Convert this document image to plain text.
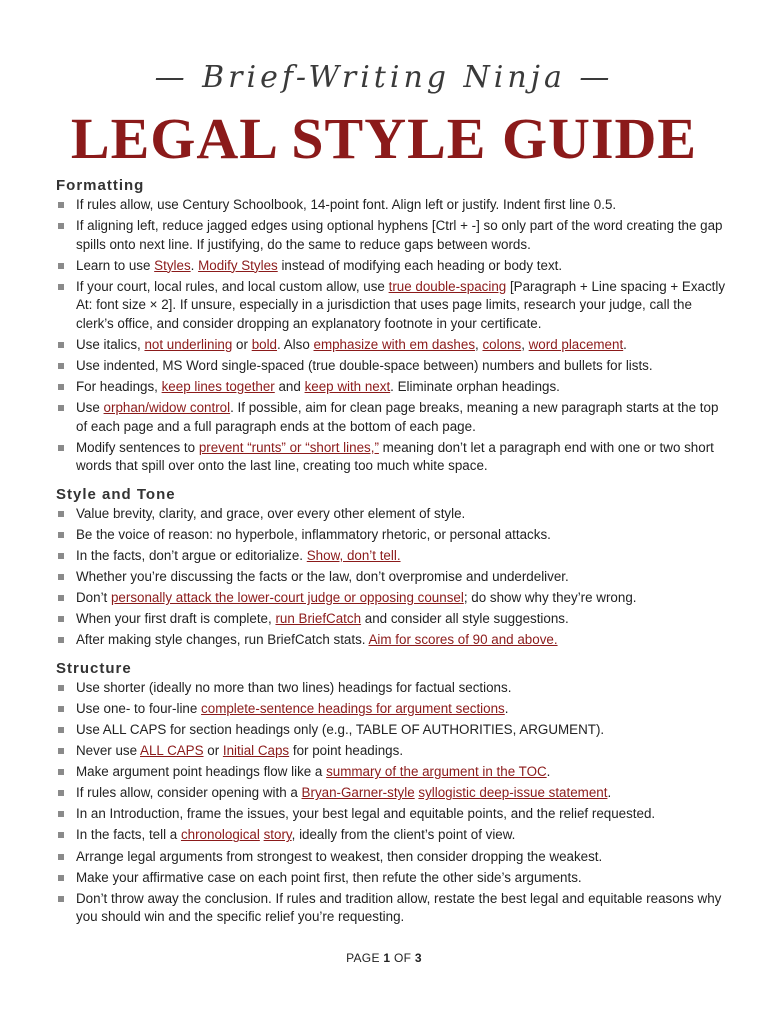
— Brief-Writing Ninja —
LEGAL STYLE GUIDE
Formatting
If rules allow, use Century Schoolbook, 14-point font. Align left or justify. Indent first line 0.5.
If aligning left, reduce jagged edges using optional hyphens [Ctrl + -] so only part of the word creating the gap spills onto next line. If justifying, do the same to reduce gaps between words.
Learn to use Styles. Modify Styles instead of modifying each heading or body text.
If your court, local rules, and local custom allow, use true double-spacing [Paragraph + Line spacing + Exactly At: font size × 2]. If unsure, especially in a jurisdiction that uses page limits, research your judge, call the clerk’s office, and consider dropping an explanatory footnote in your certificate.
Use italics, not underlining or bold. Also emphasize with em dashes, colons, word placement.
Use indented, MS Word single-spaced (true double-space between) numbers and bullets for lists.
For headings, keep lines together and keep with next. Eliminate orphan headings.
Use orphan/widow control. If possible, aim for clean page breaks, meaning a new paragraph starts at the top of each page and a full paragraph ends at the bottom of each page.
Modify sentences to prevent “runts” or “short lines,” meaning don’t let a paragraph end with one or two short words that spill over onto the last line, creating too much white space.
Style and Tone
Value brevity, clarity, and grace, over every other element of style.
Be the voice of reason: no hyperbole, inflammatory rhetoric, or personal attacks.
In the facts, don’t argue or editorialize. Show, don’t tell.
Whether you’re discussing the facts or the law, don’t overpromise and underdeliver.
Don’t personally attack the lower-court judge or opposing counsel; do show why they’re wrong.
When your first draft is complete, run BriefCatch and consider all style suggestions.
After making style changes, run BriefCatch stats. Aim for scores of 90 and above.
Structure
Use shorter (ideally no more than two lines) headings for factual sections.
Use one- to four-line complete-sentence headings for argument sections.
Use ALL CAPS for section headings only (e.g., TABLE OF AUTHORITIES, ARGUMENT).
Never use ALL CAPS or Initial Caps for point headings.
Make argument point headings flow like a summary of the argument in the TOC.
If rules allow, consider opening with a Bryan-Garner-style syllogistic deep-issue statement.
In an Introduction, frame the issues, your best legal and equitable points, and the relief requested.
In the facts, tell a chronological story, ideally from the client’s point of view.
Arrange legal arguments from strongest to weakest, then consider dropping the weakest.
Make your affirmative case on each point first, then refute the other side’s arguments.
Don’t throw away the conclusion. If rules and tradition allow, restate the best legal and equitable reasons why you should win and the specific relief you’re requesting.
PAGE 1 OF 3
